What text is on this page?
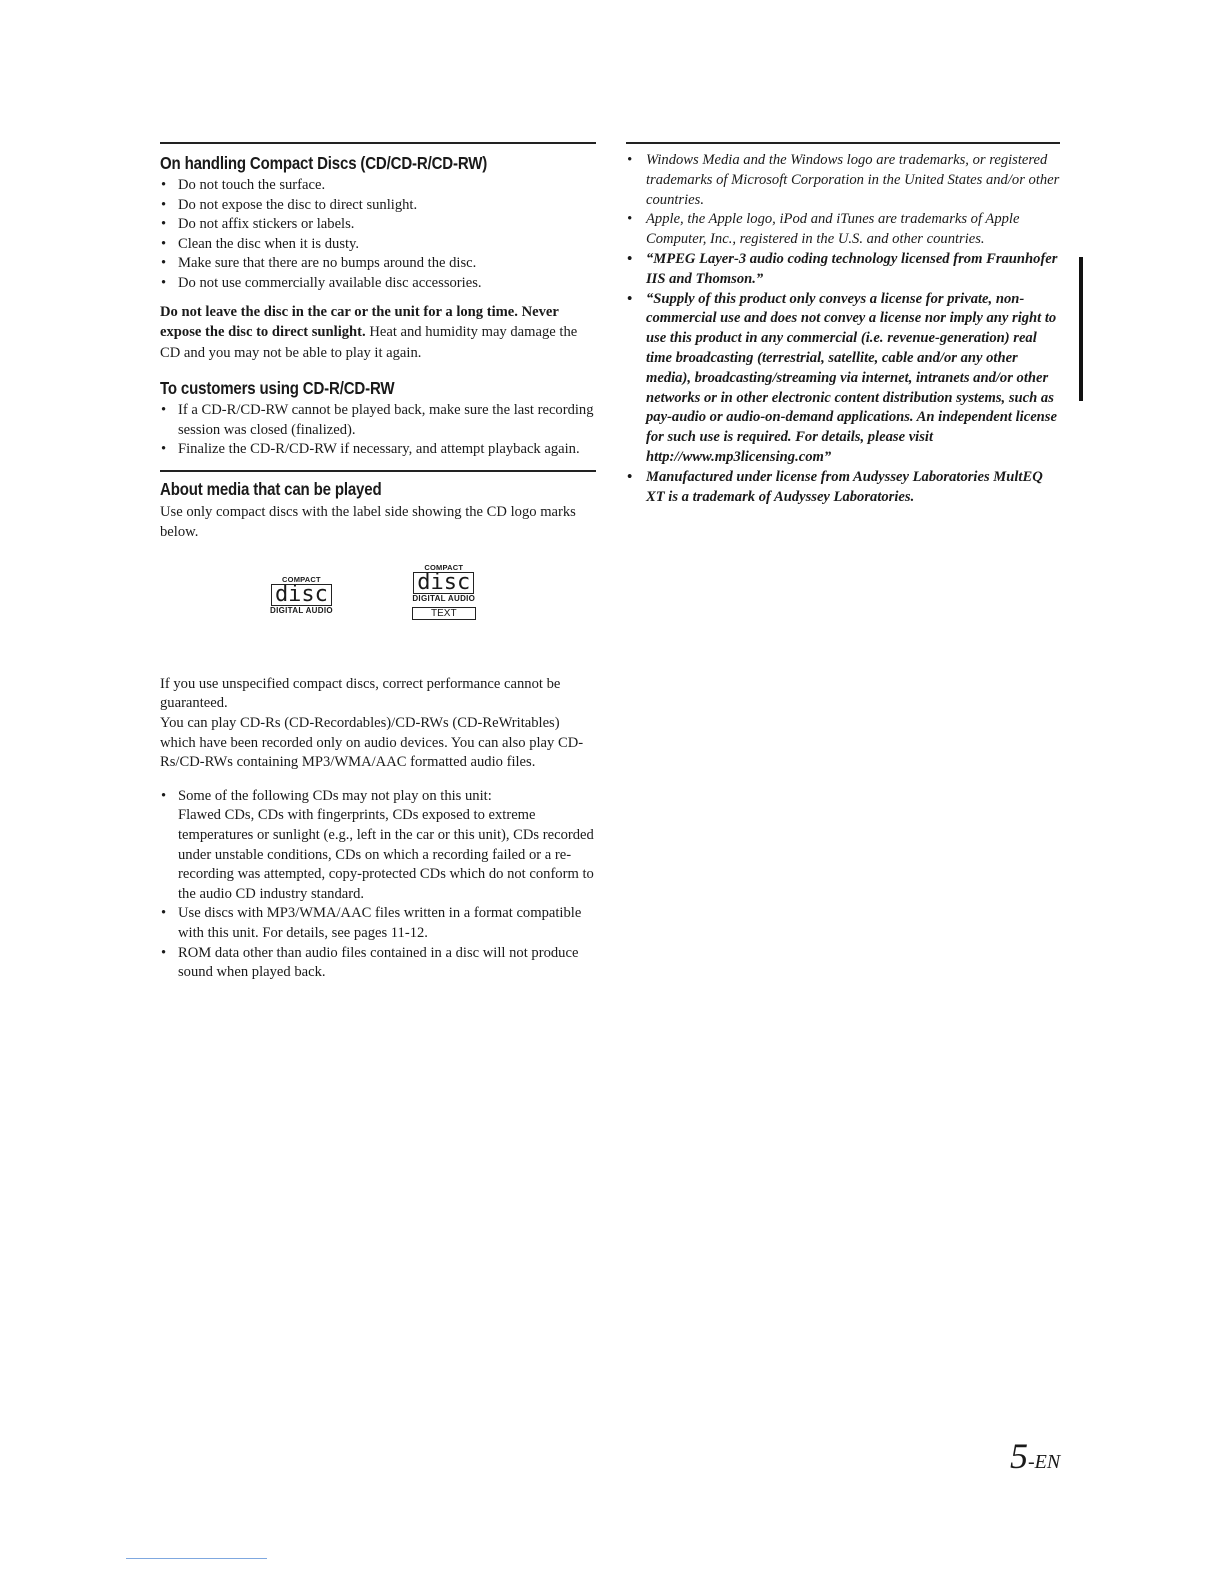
On handling Compact Discs (CD/CD-R/CD-RW)
• Do not touch the surface.
• Do not expose the disc to direct sunlight.
• Do not affix stickers or labels.
• Clean the disc when it is dusty.
• Make sure that there are no bumps around the disc.
• Do not use commercially available disc accessories.

Do not leave the disc in the car or the unit for a long time. Never expose the disc to direct sunlight. Heat and humidity may damage the CD and you may not be able to play it again.

To customers using CD-R/CD-RW
• If a CD-R/CD-RW cannot be played back, make sure the last recording session was closed (finalized).
• Finalize the CD-R/CD-RW if necessary, and attempt playback again.
About media that can be played

Use only compact discs with the label side showing the CD logo marks below.

COMPACT
disc
DIGITAL AUDIO
COMPACT
disc
DIGITAL AUDIO
TEXT

If you use unspecified compact discs, correct performance cannot be guaranteed.

You can play CD-Rs (CD-Recordables)/CD-RWs (CD-ReWritables) which have been recorded only on audio devices. You can also play CD-Rs/CD-RWs containing MP3/WMA/AAC formatted audio files.

• Some of the following CDs may not play on this unit:
Flawed CDs, CDs with fingerprints, CDs exposed to extreme temperatures or sunlight (e.g., left in the car or this unit), CDs recorded under unstable conditions, CDs on which a recording failed or a re-recording was attempted, copy-protected CDs which do not conform to the audio CD industry standard.
• Use discs with MP3/WMA/AAC files written in a format compatible with this unit. For details, see pages 11-12.
• ROM data other than audio files contained in a disc will not produce sound when played back.
• Windows Media and the Windows logo are trademarks, or registered trademarks of Microsoft Corporation in the United States and/or other countries.
• Apple, the Apple logo, iPod and iTunes are trademarks of Apple Computer, Inc., registered in the U.S. and other countries.
• “MPEG Layer-3 audio coding technology licensed from Fraunhofer IIS and Thomson.”
• “Supply of this product only conveys a license for private, non-commercial use and does not convey a license nor imply any right to use this product in any commercial (i.e. revenue-generation) real time broadcasting (terrestrial, satellite, cable and/or any other media), broadcasting/streaming via internet, intranets and/or other networks or in other electronic content distribution systems, such as pay-audio or audio-on-demand applications. An independent license for such use is required. For details, please visit http://www.mp3licensing.com”
• Manufactured under license from Audyssey Laboratories MultEQ XT is a trademark of Audyssey Laboratories.
5-EN
